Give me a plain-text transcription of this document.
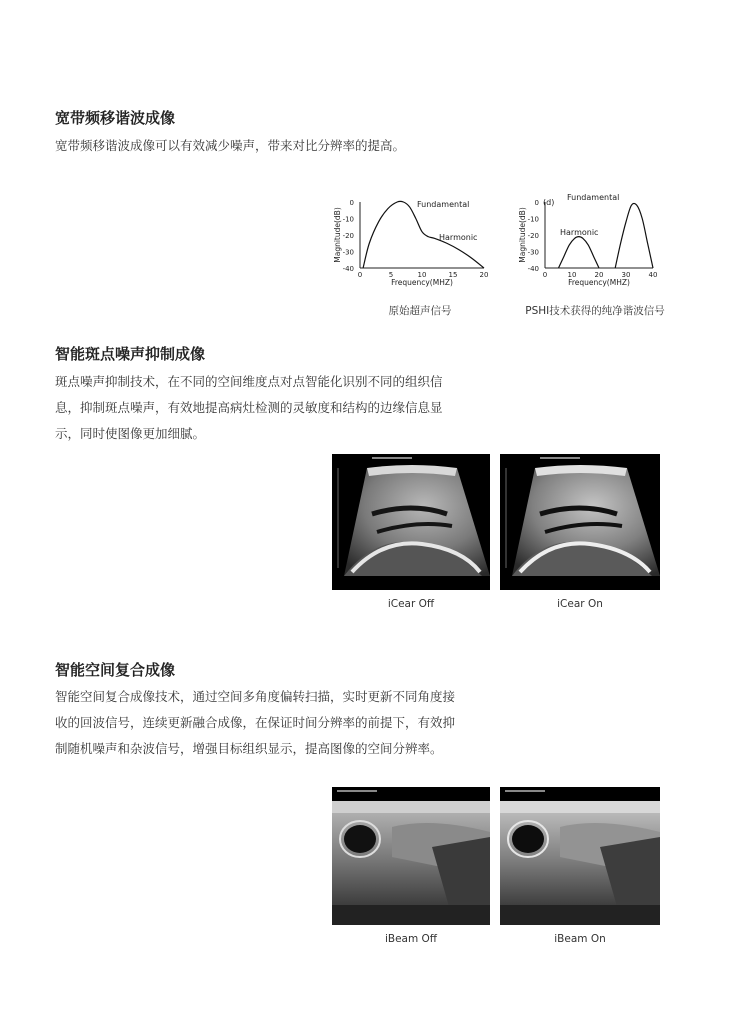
宽带频移谐波成像
宽带频移谐波成像可以有效减少噪声，带来对比分辨率的提高。
0
-10
-20
-30
-40
0	5	10	15	20
Frequency(MHZ)
Magnitude(dB)
Fundamental
Harmonic
原始超声信号
0
-10
-20
-30
-40
0	10	20	30	40
Frequency(MHZ)
Magnitude(dB)
Fundamental
Harmonic
(d)
PSHI技术获得的纯净谐波信号
智能斑点噪声抑制成像
斑点噪声抑制技术，在不同的空间维度点对点智能化识别不同的组织信
息，抑制斑点噪声，有效地提高病灶检测的灵敏度和结构的边缘信息显
示，同时使图像更加细腻。
iCear Off	iCear On
智能空间复合成像
智能空间复合成像技术，通过空间多角度偏转扫描，实时更新不同角度接
收的回波信号，连续更新融合成像，在保证时间分辨率的前提下，有效抑
制随机噪声和杂波信号，增强目标组织显示，提高图像的空间分辨率。
iBeam Off	iBeam On
